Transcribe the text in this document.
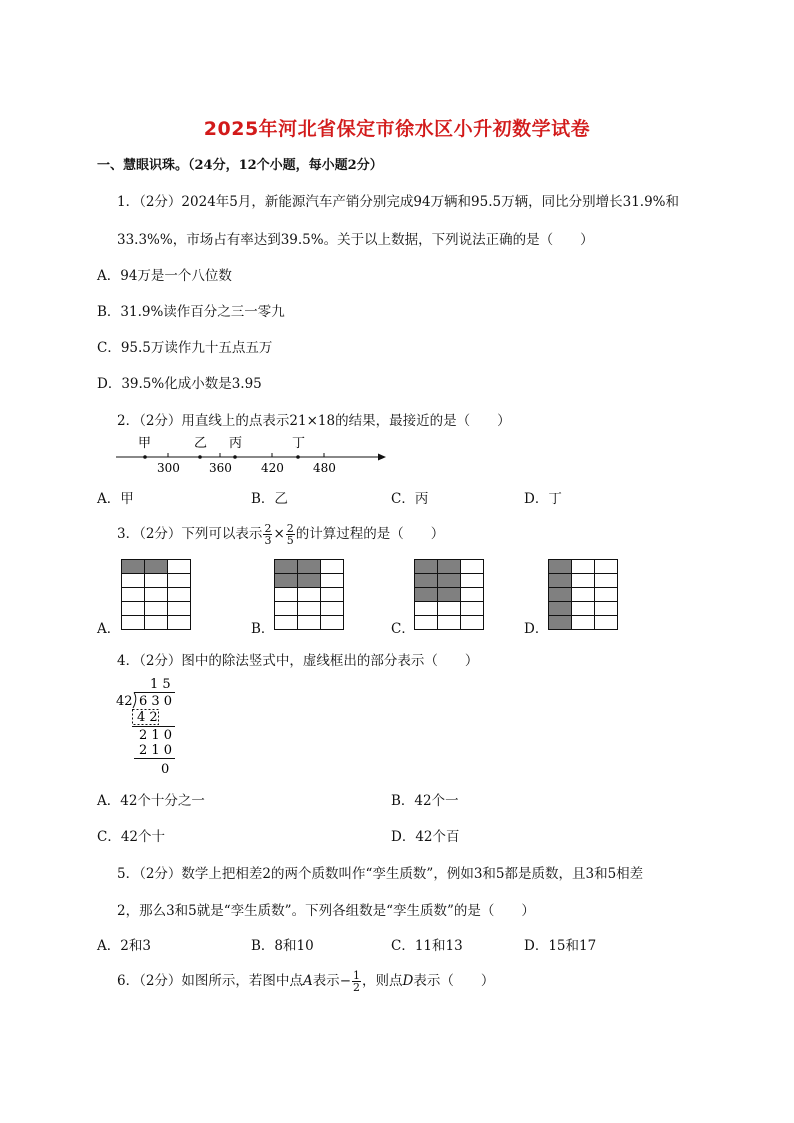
2025年河北省保定市徐水区小升初数学试卷
一、慧眼识珠。（24分，12个小题，每小题2分）
1．（2分）2024年5月，新能源汽车产销分别完成94万辆和95.5万辆，同比分别增长31.9%和
33.3%%，市场占有率达到39.5%。关于以上数据，下列说法正确的是（　　）
A．94万是一个八位数
B．31.9%读作百分之三一零九
C．95.5万读作九十五点五万
D．39.5%化成小数是3.95
2．（2分）用直线上的点表示21×18的结果，最接近的是（　　）
甲	乙 丙	丁
300 360 420 480
A．甲	B．乙	C．丙	D．丁
3．（2分）下列可以表示 $\frac{2}{3} \times \frac{2}{5}$ 的计算过程的是（　　）
A．	B．	C．	D．
4．（2分）图中的除法竖式中，虚线框出的部分表示（　　）
1 5
42 6 3 0
4 2
2 1 0
2 1 0
0
A．42个十分之一	B．42个一
C．42个十	D．42个百
5．（2分）数学上把相差2的两个质数叫作“孪生质数”，例如3和5都是质数，且3和5相差
2，那么3和5就是“孪生质数”。下列各组数是“孪生质数”的是（　　）
A．2和3	B．8和10	C．11和13	D．15和17
6．（2分）如图所示，若图中点A表示− $\frac{1}{2}$ ，则点D表示（　　）
